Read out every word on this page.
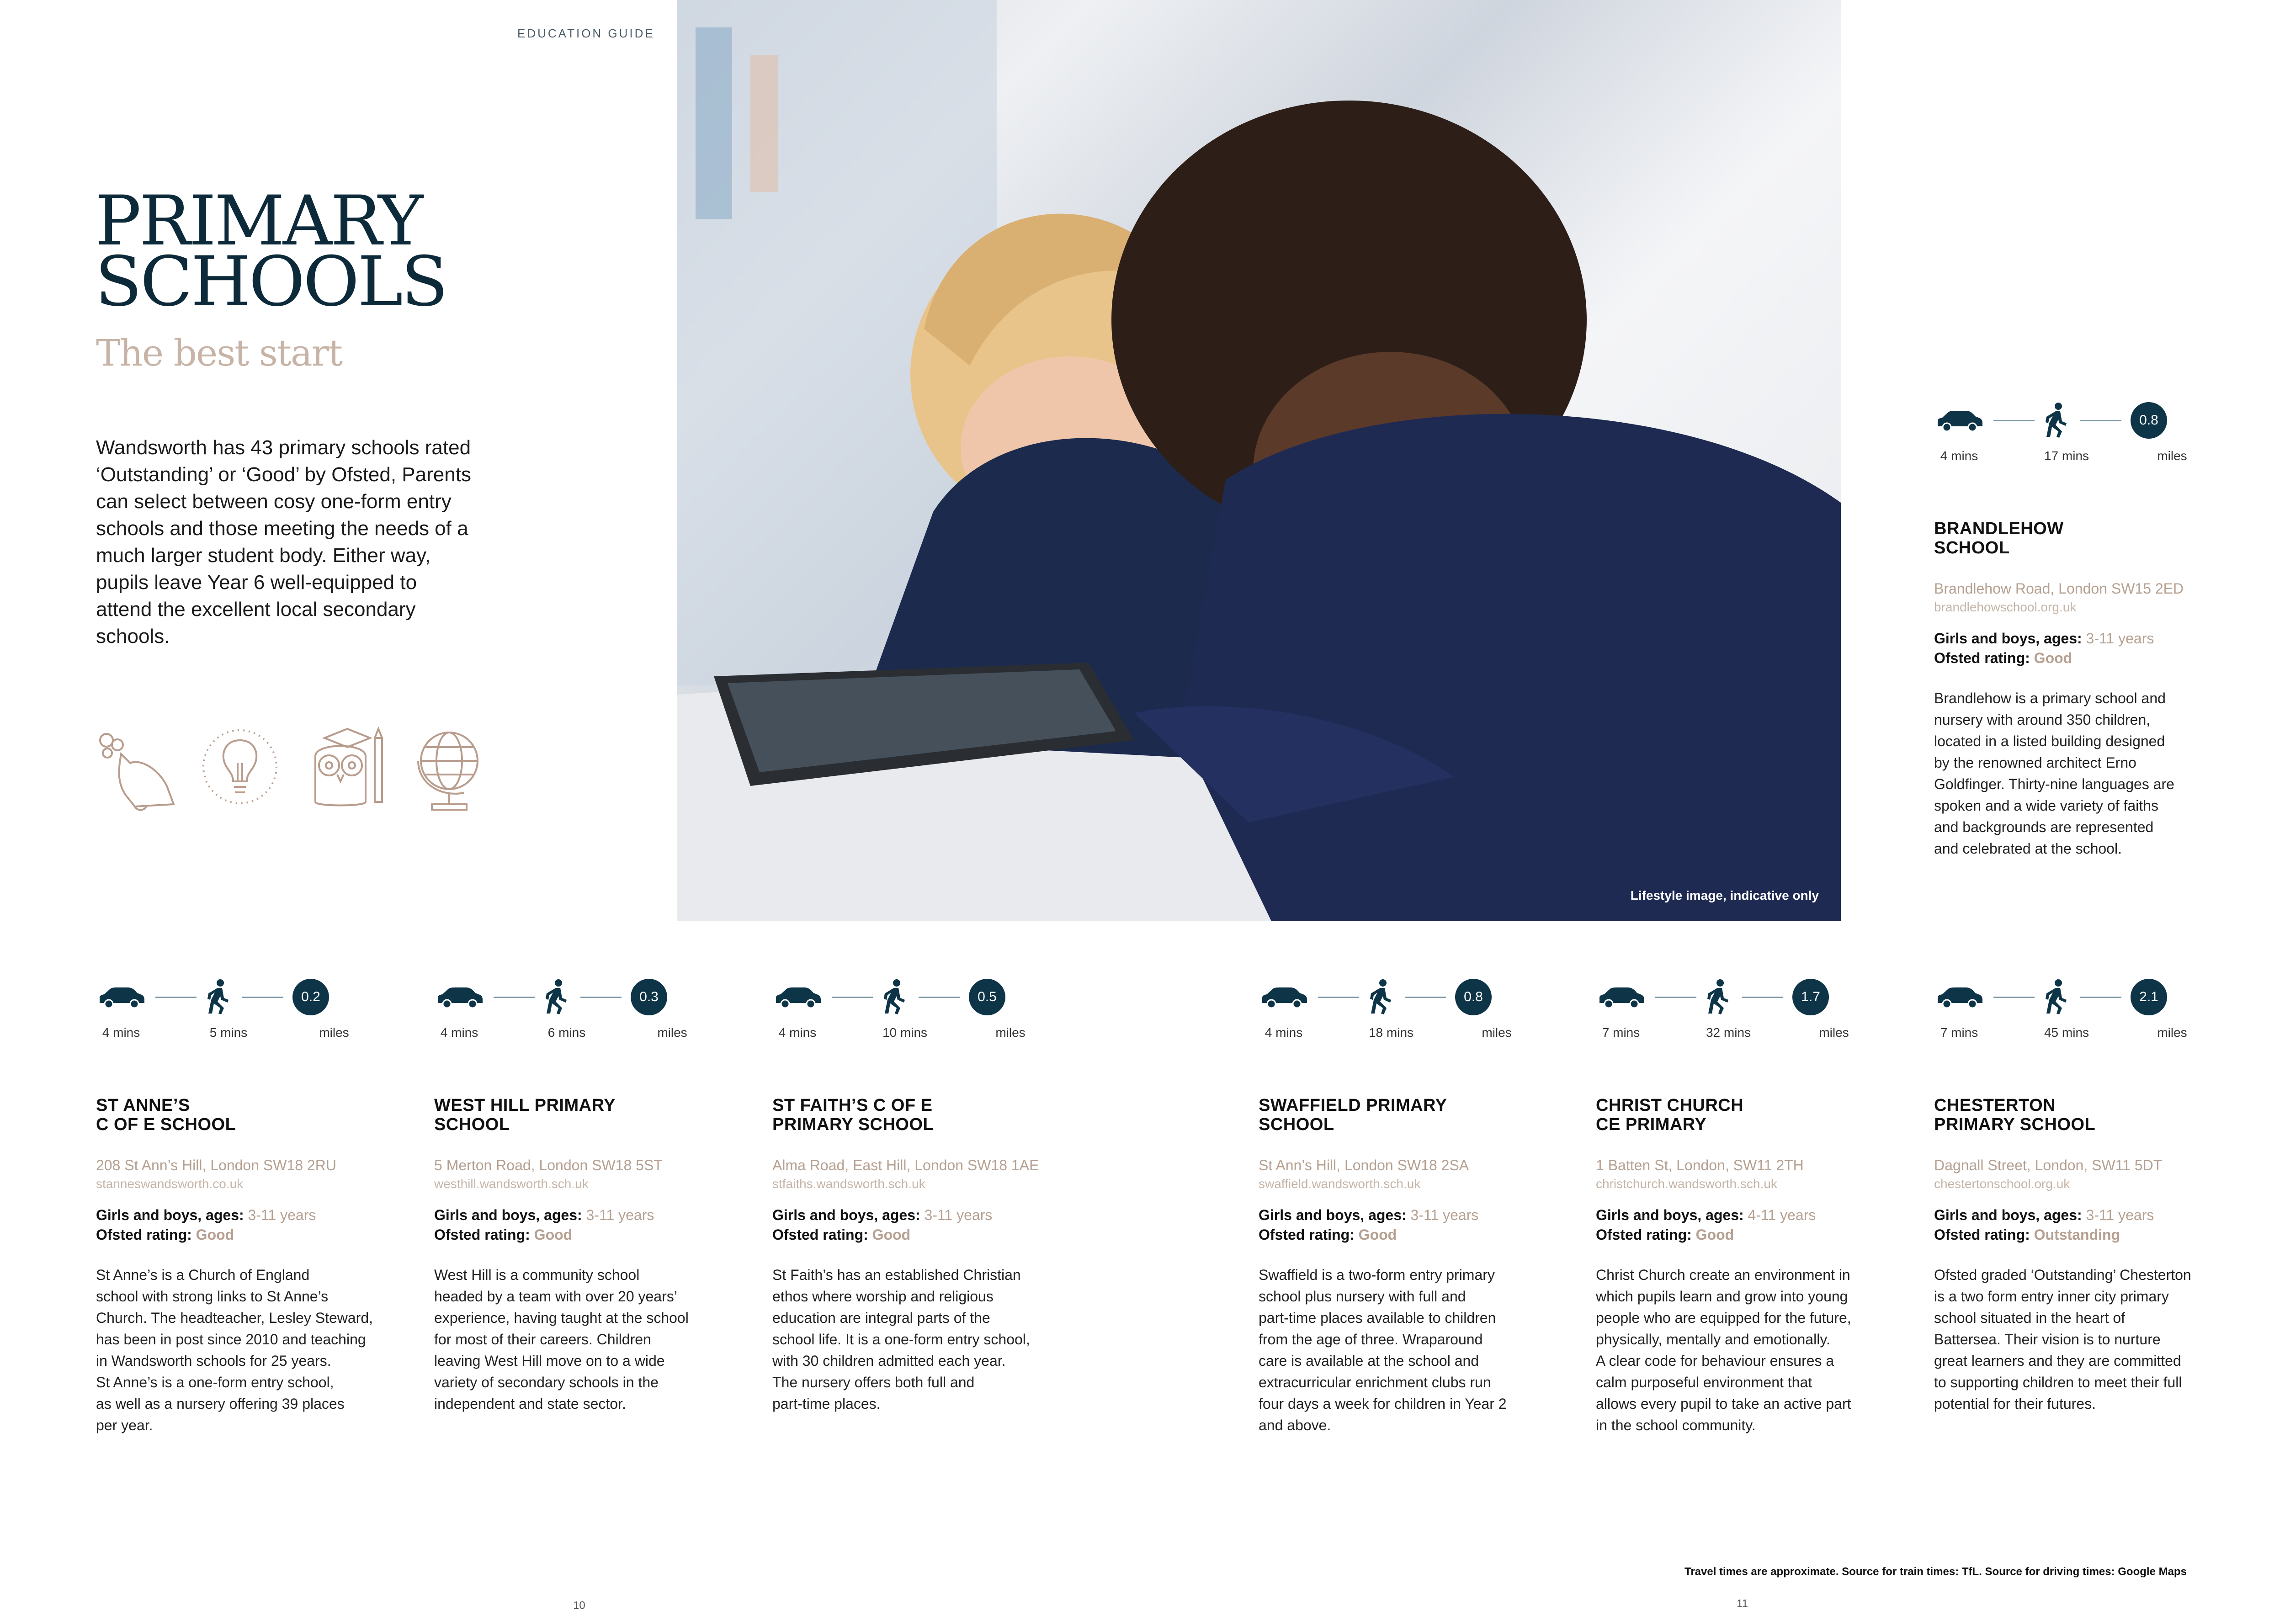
EDUCATION GUIDE
PRIMARY
SCHOOLS
The best start
Wandsworth has 43 primary schools rated ‘Outstanding’ or ‘Good’ by Ofsted, Parents can select between cosy one-form entry schools and those meeting the needs of a much larger student body. Either way, pupils leave Year 6 well-equipped to attend the excellent local secondary schools.
Lifestyle image, indicative only
0.8
4 mins	17 mins	miles
BRANDLEHOW
SCHOOL
Brandlehow Road, London SW15 2ED
brandlehowschool.org.uk
Girls and boys, ages: 3-11 years
Ofsted rating: Good
Brandlehow is a primary school and
nursery with around 350 children,
located in a listed building designed
by the renowned architect Erno
Goldfinger. Thirty-nine languages are
spoken and a wide variety of faiths
and backgrounds are represented
and celebrated at the school.
0.2
4 mins	5 mins	miles
ST ANNE’S
C OF E SCHOOL
208 St Ann’s Hill, London SW18 2RU
stanneswandsworth.co.uk
Girls and boys, ages: 3-11 years
Ofsted rating: Good
St Anne’s is a Church of England
school with strong links to St Anne’s
Church. The headteacher, Lesley Steward,
has been in post since 2010 and teaching
in Wandsworth schools for 25 years.
St Anne’s is a one-form entry school,
as well as a nursery offering 39 places
per year.
0.3
4 mins	6 mins	miles
WEST HILL PRIMARY
SCHOOL
5 Merton Road, London SW18 5ST
westhill.wandsworth.sch.uk
Girls and boys, ages: 3-11 years
Ofsted rating: Good
West Hill is a community school
headed by a team with over 20 years’
experience, having taught at the school
for most of their careers. Children
leaving West Hill move on to a wide
variety of secondary schools in the
independent and state sector.
0.5
4 mins	10 mins	miles
ST FAITH’S C OF E
PRIMARY SCHOOL
Alma Road, East Hill, London SW18 1AE
stfaiths.wandsworth.sch.uk
Girls and boys, ages: 3-11 years
Ofsted rating: Good
St Faith’s has an established Christian
ethos where worship and religious
education are integral parts of the
school life. It is a one-form entry school,
with 30 children admitted each year.
The nursery offers both full and
part-time places.
0.8
4 mins	18 mins	miles
SWAFFIELD PRIMARY
SCHOOL
St Ann’s Hill, London SW18 2SA
swaffield.wandsworth.sch.uk
Girls and boys, ages: 3-11 years
Ofsted rating: Good
Swaffield is a two-form entry primary
school plus nursery with full and
part-time places available to children
from the age of three. Wraparound
care is available at the school and
extracurricular enrichment clubs run
four days a week for children in Year 2
and above.
1.7
7 mins	32 mins	miles
CHRIST CHURCH
CE PRIMARY
1 Batten St, London, SW11 2TH
christchurch.wandsworth.sch.uk
Girls and boys, ages: 4-11 years
Ofsted rating: Good
Christ Church create an environment in
which pupils learn and grow into young
people who are equipped for the future,
physically, mentally and emotionally.
A clear code for behaviour ensures a
calm purposeful environment that
allows every pupil to take an active part
in the school community.
2.1
7 mins	45 mins	miles
CHESTERTON
PRIMARY SCHOOL
Dagnall Street, London, SW11 5DT
chestertonschool.org.uk
Girls and boys, ages: 3-11 years
Ofsted rating: Outstanding
Ofsted graded ‘Outstanding’ Chesterton
is a two form entry inner city primary
school situated in the heart of
Battersea. Their vision is to nurture
great learners and they are committed
to supporting children to meet their full
potential for their futures.
Travel times are approximate. Source for train times: TfL. Source for driving times: Google Maps
10	11
